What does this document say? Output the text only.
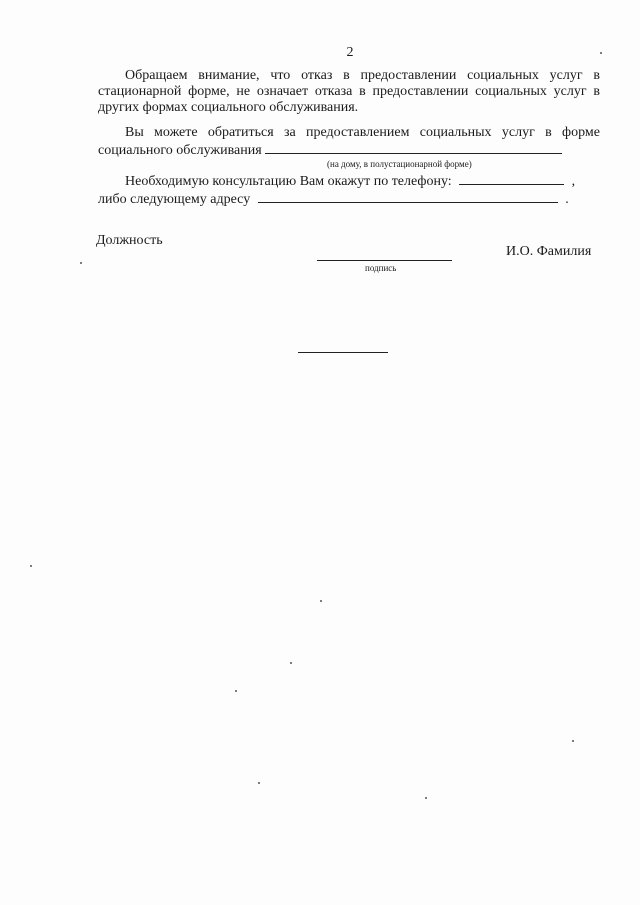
2
Обращаем внимание, что отказ в предоставлении социальных услуг в стационарной форме, не означает отказа в предоставлении социальных услуг в других формах социального обслуживания.
Вы можете обратиться за предоставлением социальных услуг в форме социального обслуживания
(на дому, в полустационарной форме)
Необходимую консультацию Вам окажут по телефону:	,
либо следующему адресу	.
Должность
подпись
И.О. Фамилия
